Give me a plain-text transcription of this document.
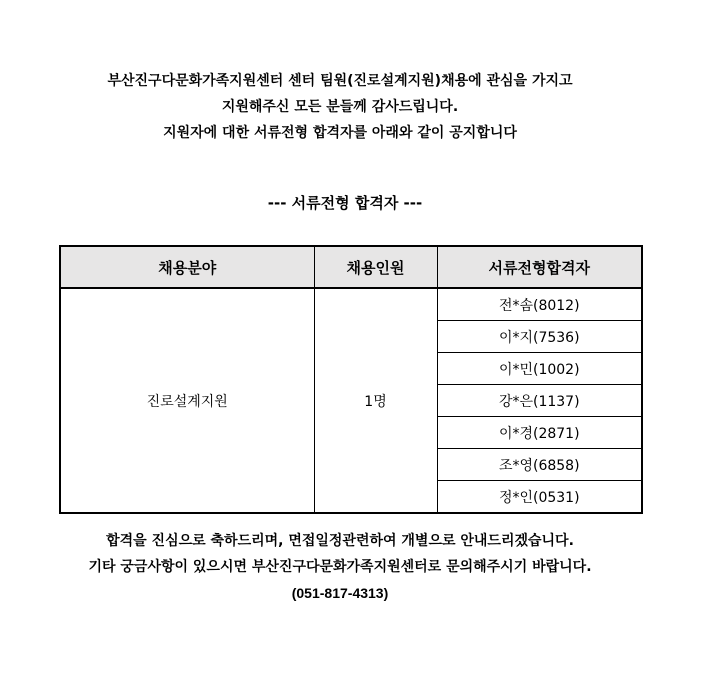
부산진구다문화가족지원센터 센터 팀원(진로설계지원)채용에 관심을 가지고
지원해주신 모든 분들께 감사드립니다.
지원자에 대한 서류전형 합격자를 아래와 같이 공지합니다
--- 서류전형 합격자 ---
채용분야	채용인원	서류전형합격자
진로설계지원	1명	전*솜(8012)
		이*지(7536)
		이*민(1002)
		강*은(1137)
		이*경(2871)
		조*영(6858)
		정*인(0531)
합격을 진심으로 축하드리며, 면접일정관련하여 개별으로 안내드리겠습니다.
기타 궁금사항이 있으시면 부산진구다문화가족지원센터로 문의해주시기 바랍니다.
(051-817-4313)
